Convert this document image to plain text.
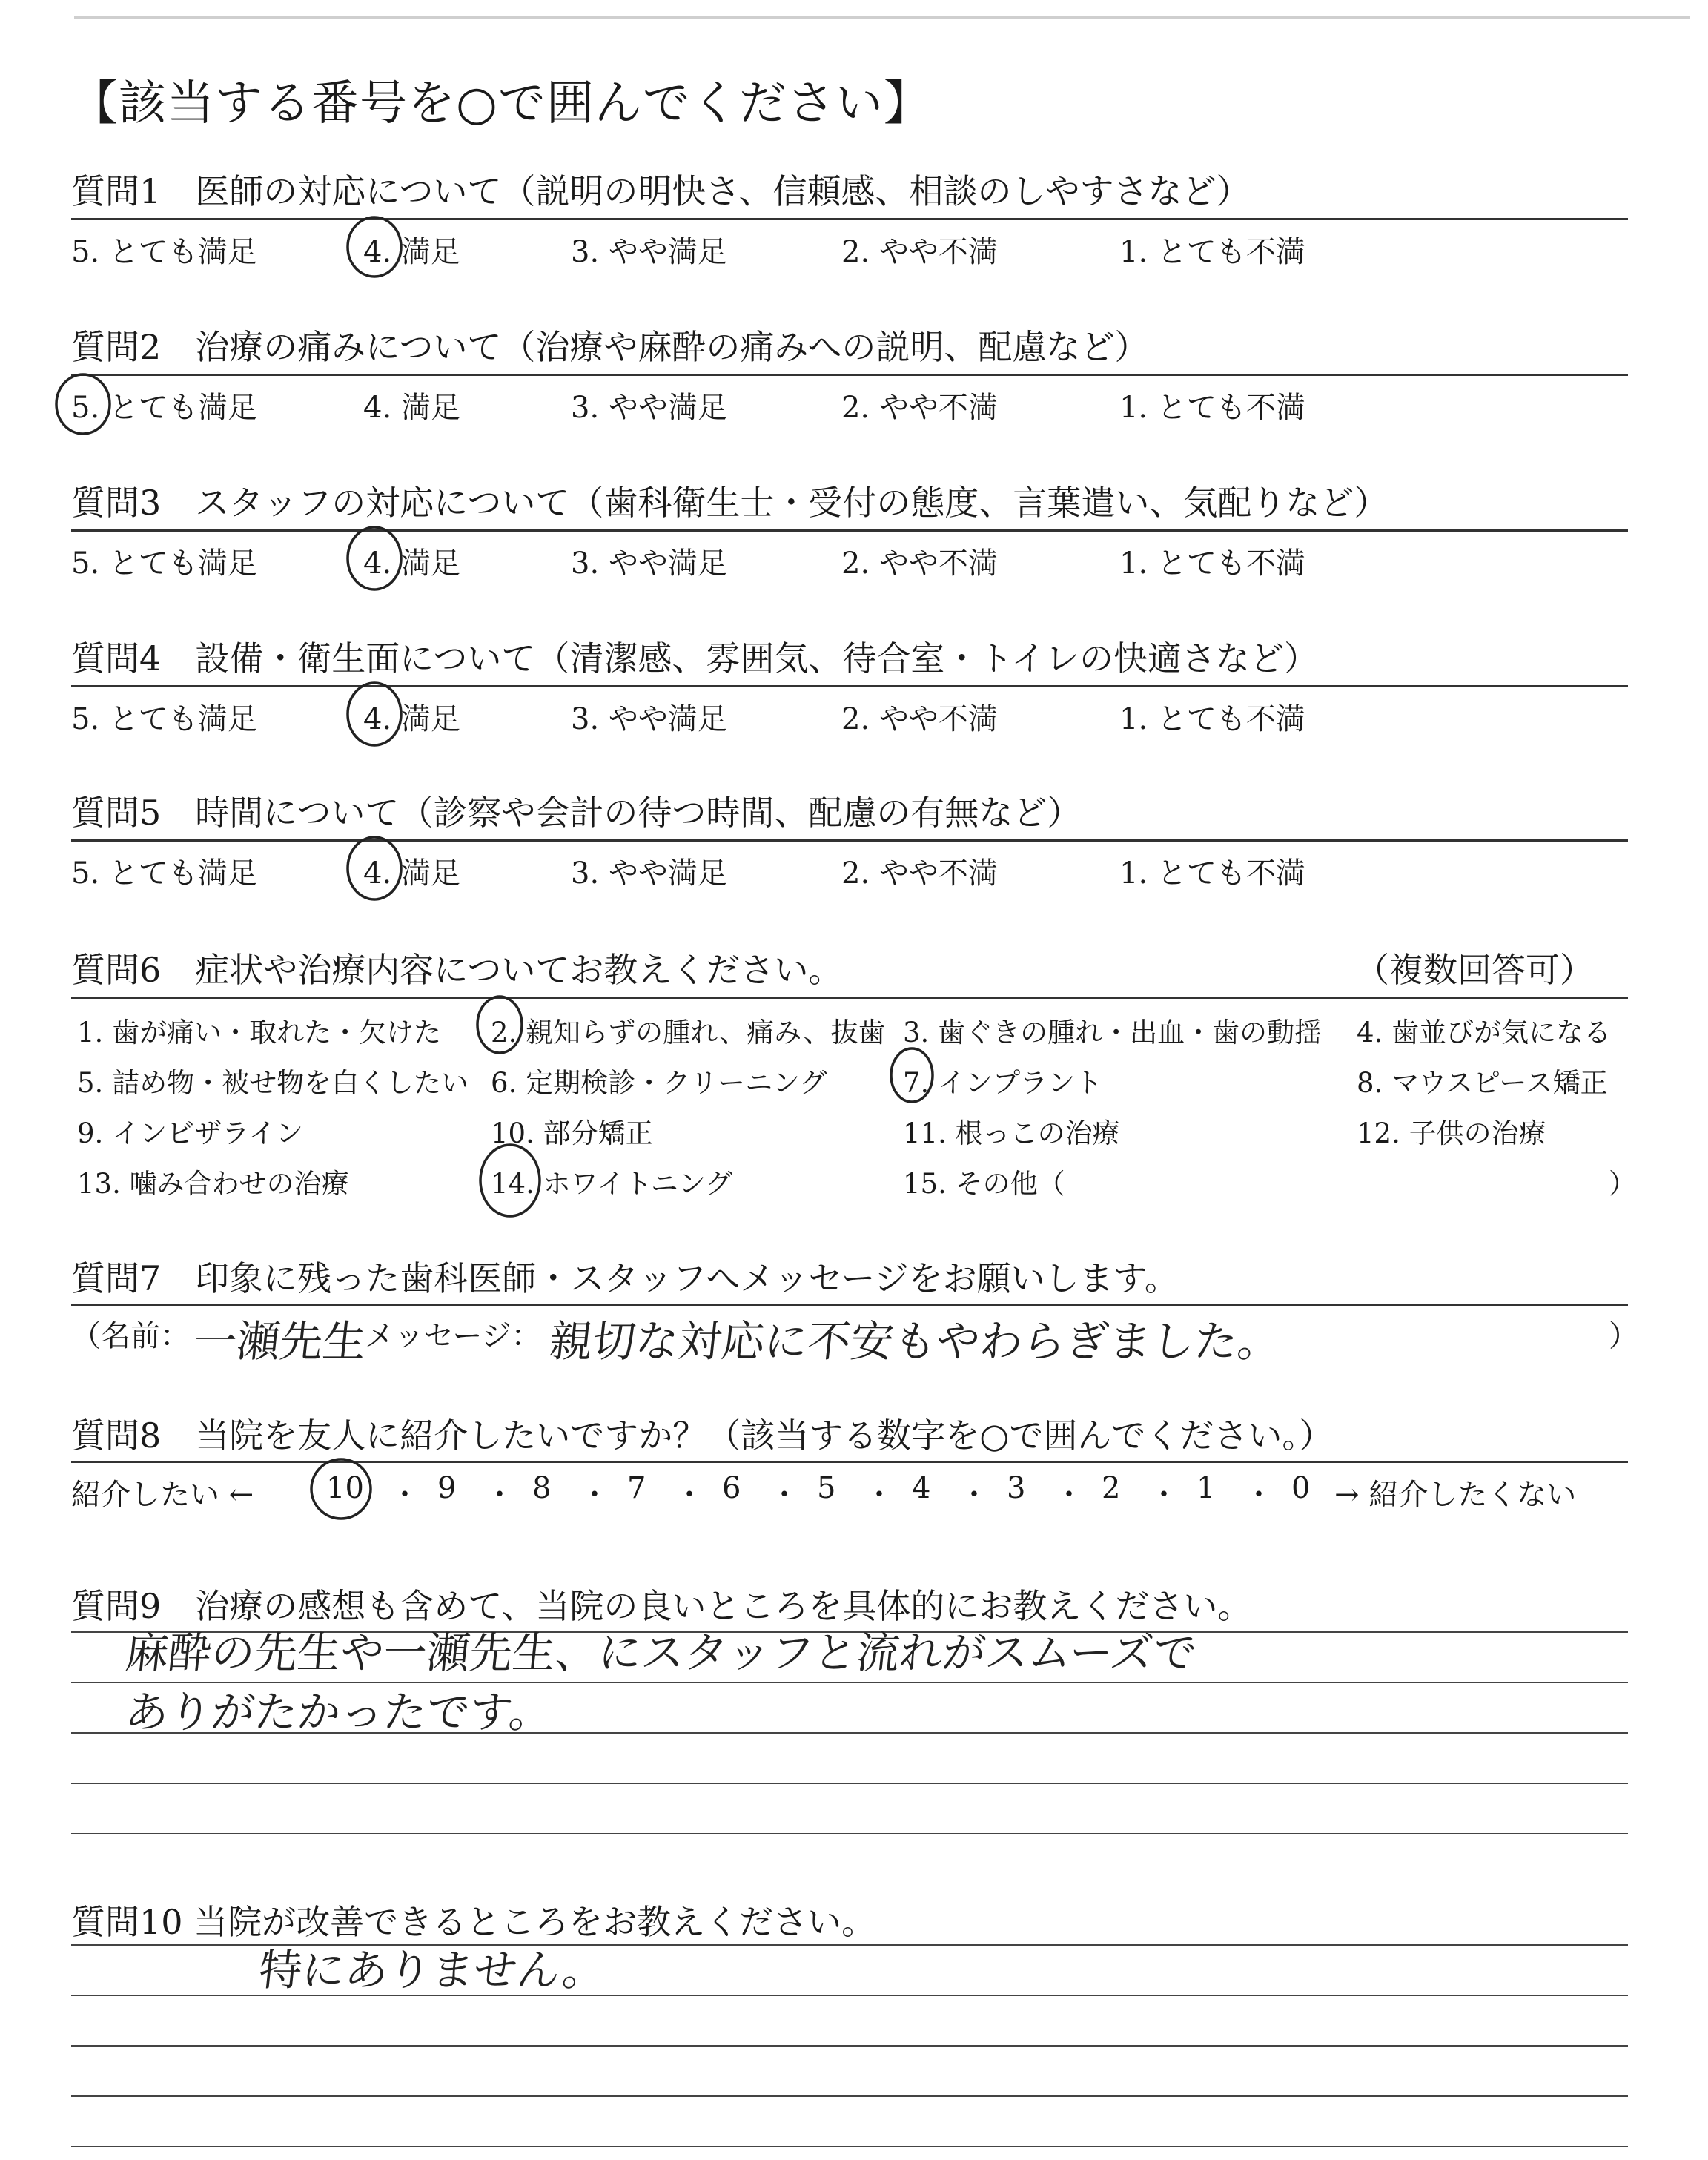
【該当する番号を○で囲んでください】
質問1　医師の対応について（説明の明快さ、信頼感、相談のしやすさなど）
5. とても満足	4. 満足	3. やや満足	2. やや不満	1. とても不満
質問2　治療の痛みについて（治療や麻酔の痛みへの説明、配慮など）
5. とても満足	4. 満足	3. やや満足	2. やや不満	1. とても不満
質問3　スタッフの対応について（歯科衛生士・受付の態度、言葉遣い、気配りなど）
5. とても満足	4. 満足	3. やや満足	2. やや不満	1. とても不満
質問4　設備・衛生面について（清潔感、雰囲気、待合室・トイレの快適さなど）
5. とても満足	4. 満足	3. やや満足	2. やや不満	1. とても不満
質問5　時間について（診察や会計の待つ時間、配慮の有無など）
5. とても満足	4. 満足	3. やや満足	2. やや不満	1. とても不満
質問6　症状や治療内容についてお教えください。	（複数回答可）
1. 歯が痛い・取れた・欠けた 2. 親知らずの腫れ、痛み、抜歯 3. 歯ぐきの腫れ・出血・歯の動揺 4. 歯並びが気になる
5. 詰め物・被せ物を白くしたい 6. 定期検診・クリーニング	7. インプラント	8. マウスピース矯正
9. インビザライン	10. 部分矯正	11. 根っこの治療	12. 子供の治療
13. 噛み合わせの治療	14. ホワイトニング	15. その他（	）
質問7　印象に残った歯科医師・スタッフへメッセージをお願いします。
（名前： 一瀬先生
メッセージ： 親切な対応に不安もやわらぎました。	）
質問8　当院を友人に紹介したいですか？（該当する数字を○で囲んでください。）
紹介したい ← 10 ・ 9 ・ 8 ・ 7 ・ 6 ・ 5 ・ 4 ・ 3 ・ 2 ・ 1 ・ 0 → 紹介したくない
質問9　治療の感想も含めて、当院の良いところを具体的にお教えください。
麻酔の先生や一瀬先生、にスタッフと流れがスムーズで
ありがたかったです。
質問10 当院が改善できるところをお教えください。
特にありません。
